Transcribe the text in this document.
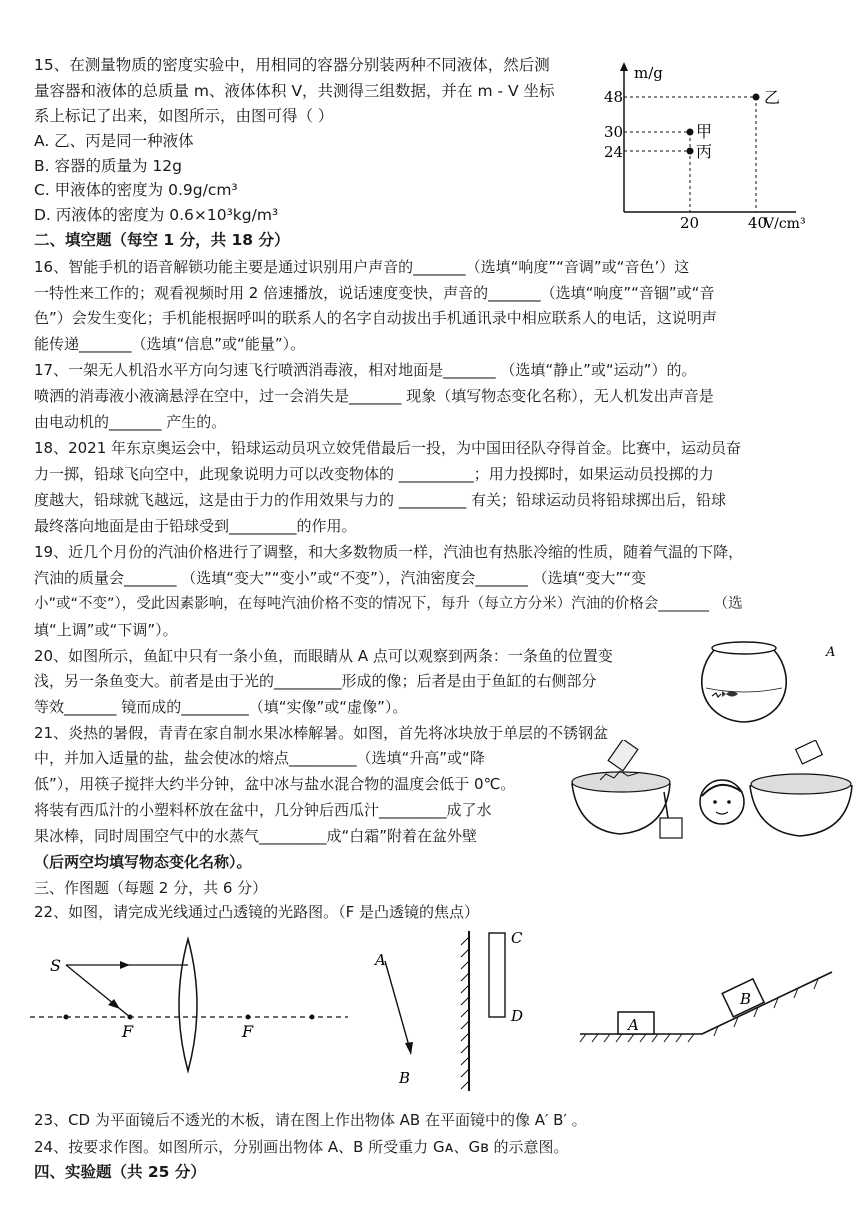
15、在测量物质的密度实验中，用相同的容器分别装两种不同液体，然后测
量容器和液体的总质量 m、液体体积 V，共测得三组数据，并在 m - V 坐标
系上标记了出来，如图所示，由图可得（ ）
A. 乙、丙是同一种液体
B. 容器的质量为 12g
C. 甲液体的密度为 0.9g/cm³
D. 丙液体的密度为 0.6×10³kg/m³
m/g
48
30
24
20	40
V/cm³
乙
甲
丙
二、填空题（每空 1 分，共 18 分）
16、智能手机的语音解锁功能主要是通过识别用户声音的_______（选填“响度”“音调”或“音色’）这
一特性来工作的；观看视频时用 2 倍速播放，说话速度变快，声音的_______（选填“响度”“音锢”或“音
色”）会发生变化；手机能根据呼叫的联系人的名字自动拔出手机通讯录中相应联系人的电话，这说明声
能传递_______（选填“信息”或“能量”）。
17、一架无人机沿水平方向匀速飞行喷洒消毒液，相对地面是_______ （选填“静止”或“运动”）的。
喷洒的消毒液小液滴悬浮在空中，过一会消失是_______ 现象（填写物态变化名称），无人机发出声音是
由电动机的_______ 产生的。
18、2021 年东京奥运会中，铅球运动员巩立姣凭借最后一投，为中国田径队夺得首金。比赛中，运动员奋
力一掷，铅球飞向空中，此现象说明力可以改变物体的 __________；用力投掷时，如果运动员投掷的力
度越大，铅球就飞越远，这是由于力的作用效果与力的 _________ 有关；铅球运动员将铅球掷出后，铅球
最终落向地面是由于铅球受到_________的作用。
19、近几个月份的汽油价格进行了调整，和大多数物质一样，汽油也有热胀冷缩的性质，随着气温的下降，
汽油的质量会_______ （选填“变大”“变小”或“不变”），汽油密度会_______ （选填“变大”“变
小”或“不变”），受此因素影响，在每吨汽油价格不变的情况下，每升（每立方分米）汽油的价格会_______ （选
填“上调”或“下调”）。
20、如图所示，鱼缸中只有一条小鱼，而眼睛从 A 点可以观察到两条：一条鱼的位置变
浅，另一条鱼变大。前者是由于光的_________形成的像；后者是由于鱼缸的右侧部分
等效_______ 镜而成的_________（填“实像”或“虚像”）。
A
21、炎热的暑假，青青在家自制水果冰棒解暑。如图，首先将冰块放于单层的不锈钢盆
中，并加入适量的盐，盐会使冰的熔点_________（选填“升高”或“降
低”），用筷子搅拌大约半分钟，盆中冰与盐水混合物的温度会低于 0℃。
将装有西瓜汁的小塑料杯放在盆中，几分钟后西瓜汁_________成了水
果冰棒，同时周围空气中的水蒸气_________成“白霜”附着在盆外壁
（后两空均填写物态变化名称）。
三、作图题（每题 2 分，共 6 分）
22、如图，请完成光线通过凸透镜的光路图。（F 是凸透镜的焦点）
S
F	F
A
B
C
D	A
B
23、CD 为平面镜后不透光的木板，请在图上作出物体 AB 在平面镜中的像 A′ B′ 。
24、按要求作图。如图所示，分别画出物体 A、B 所受重力 Gᴀ、Gʙ 的示意图。
四、实验题（共 25 分）
